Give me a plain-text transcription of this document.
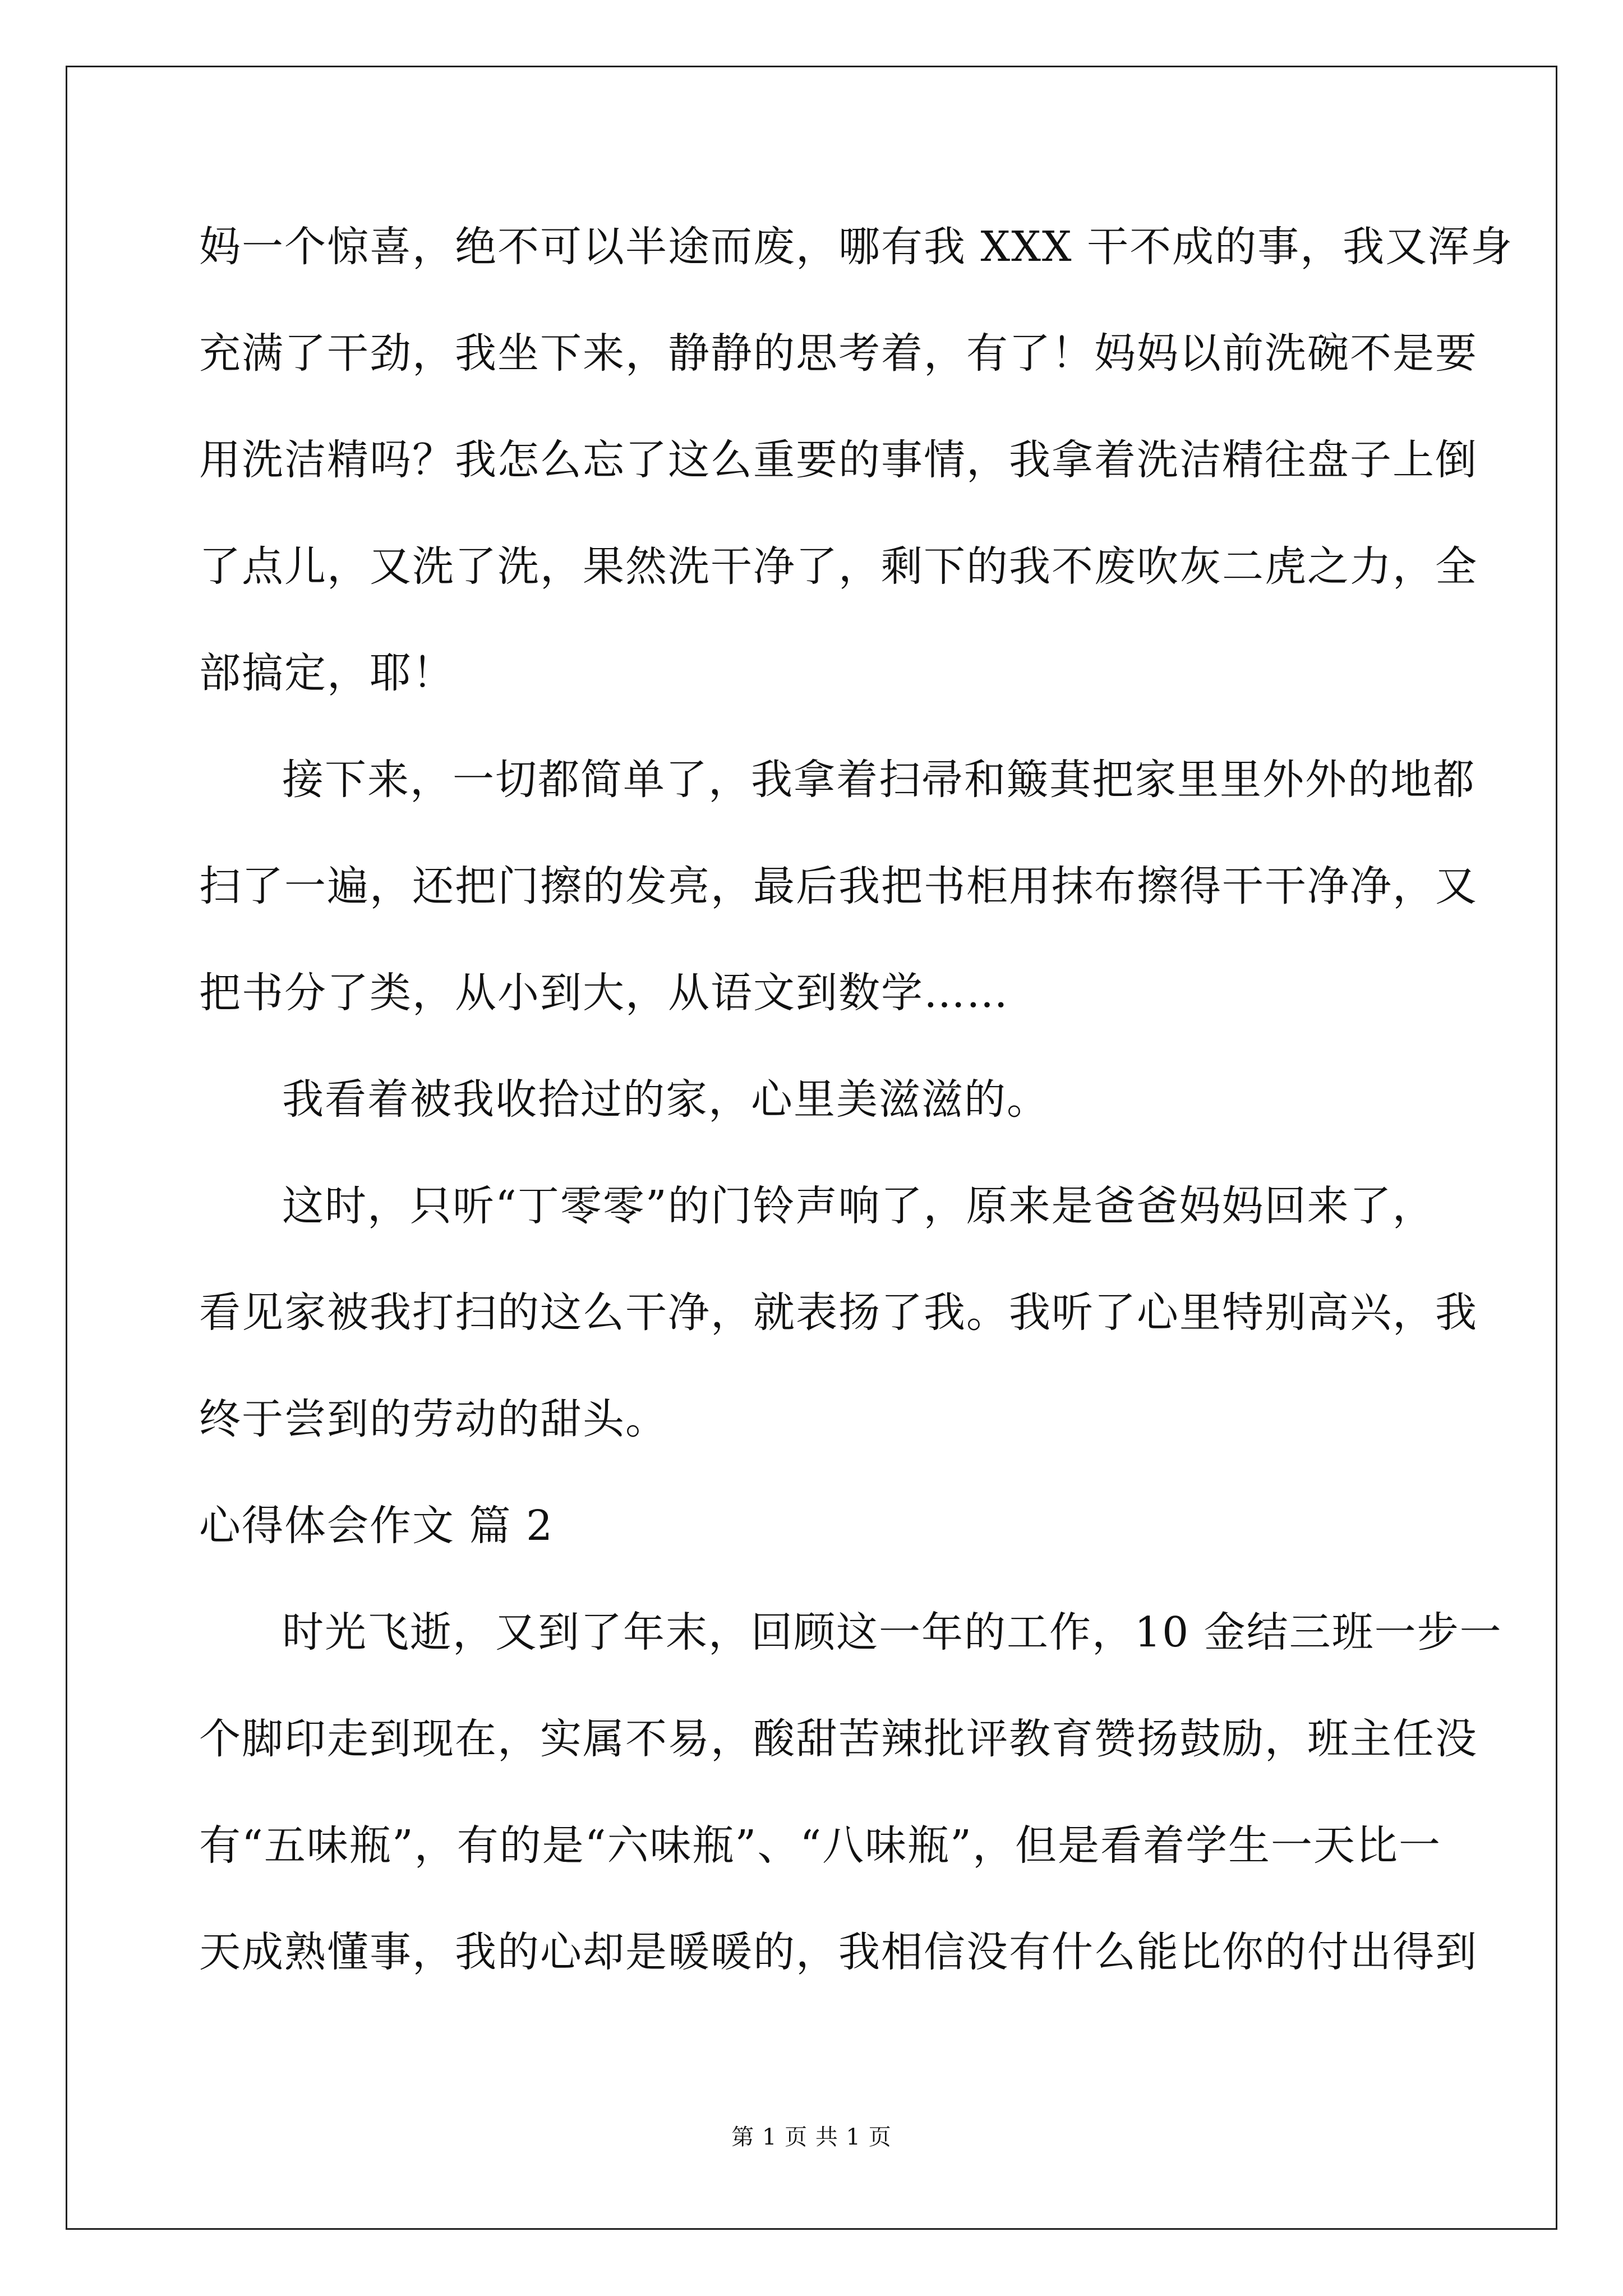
妈一个惊喜，绝不可以半途而废，哪有我 XXX 干不成的事，我又浑身
充满了干劲，我坐下来，静静的思考着，有了！妈妈以前洗碗不是要
用洗洁精吗？我怎么忘了这么重要的事情，我拿着洗洁精往盘子上倒
了点儿，又洗了洗，果然洗干净了，剩下的我不废吹灰二虎之力，全
部搞定，耶！
接下来，一切都简单了，我拿着扫帚和簸萁把家里里外外的地都
扫了一遍，还把门擦的发亮，最后我把书柜用抹布擦得干干净净，又
把书分了类，从小到大，从语文到数学……
我看着被我收拾过的家，心里美滋滋的。
这时，只听“丁零零”的门铃声响了，原来是爸爸妈妈回来了，
看见家被我打扫的这么干净，就表扬了我。我听了心里特别高兴，我
终于尝到的劳动的甜头。
心得体会作文 篇 2
时光飞逝，又到了年末，回顾这一年的工作，10 金结三班一步一
个脚印走到现在，实属不易，酸甜苦辣批评教育赞扬鼓励，班主任没
有“五味瓶”，有的是“六味瓶”、“八味瓶”，但是看着学生一天比一
天成熟懂事，我的心却是暖暖的，我相信没有什么能比你的付出得到
第 1 页 共 1 页
